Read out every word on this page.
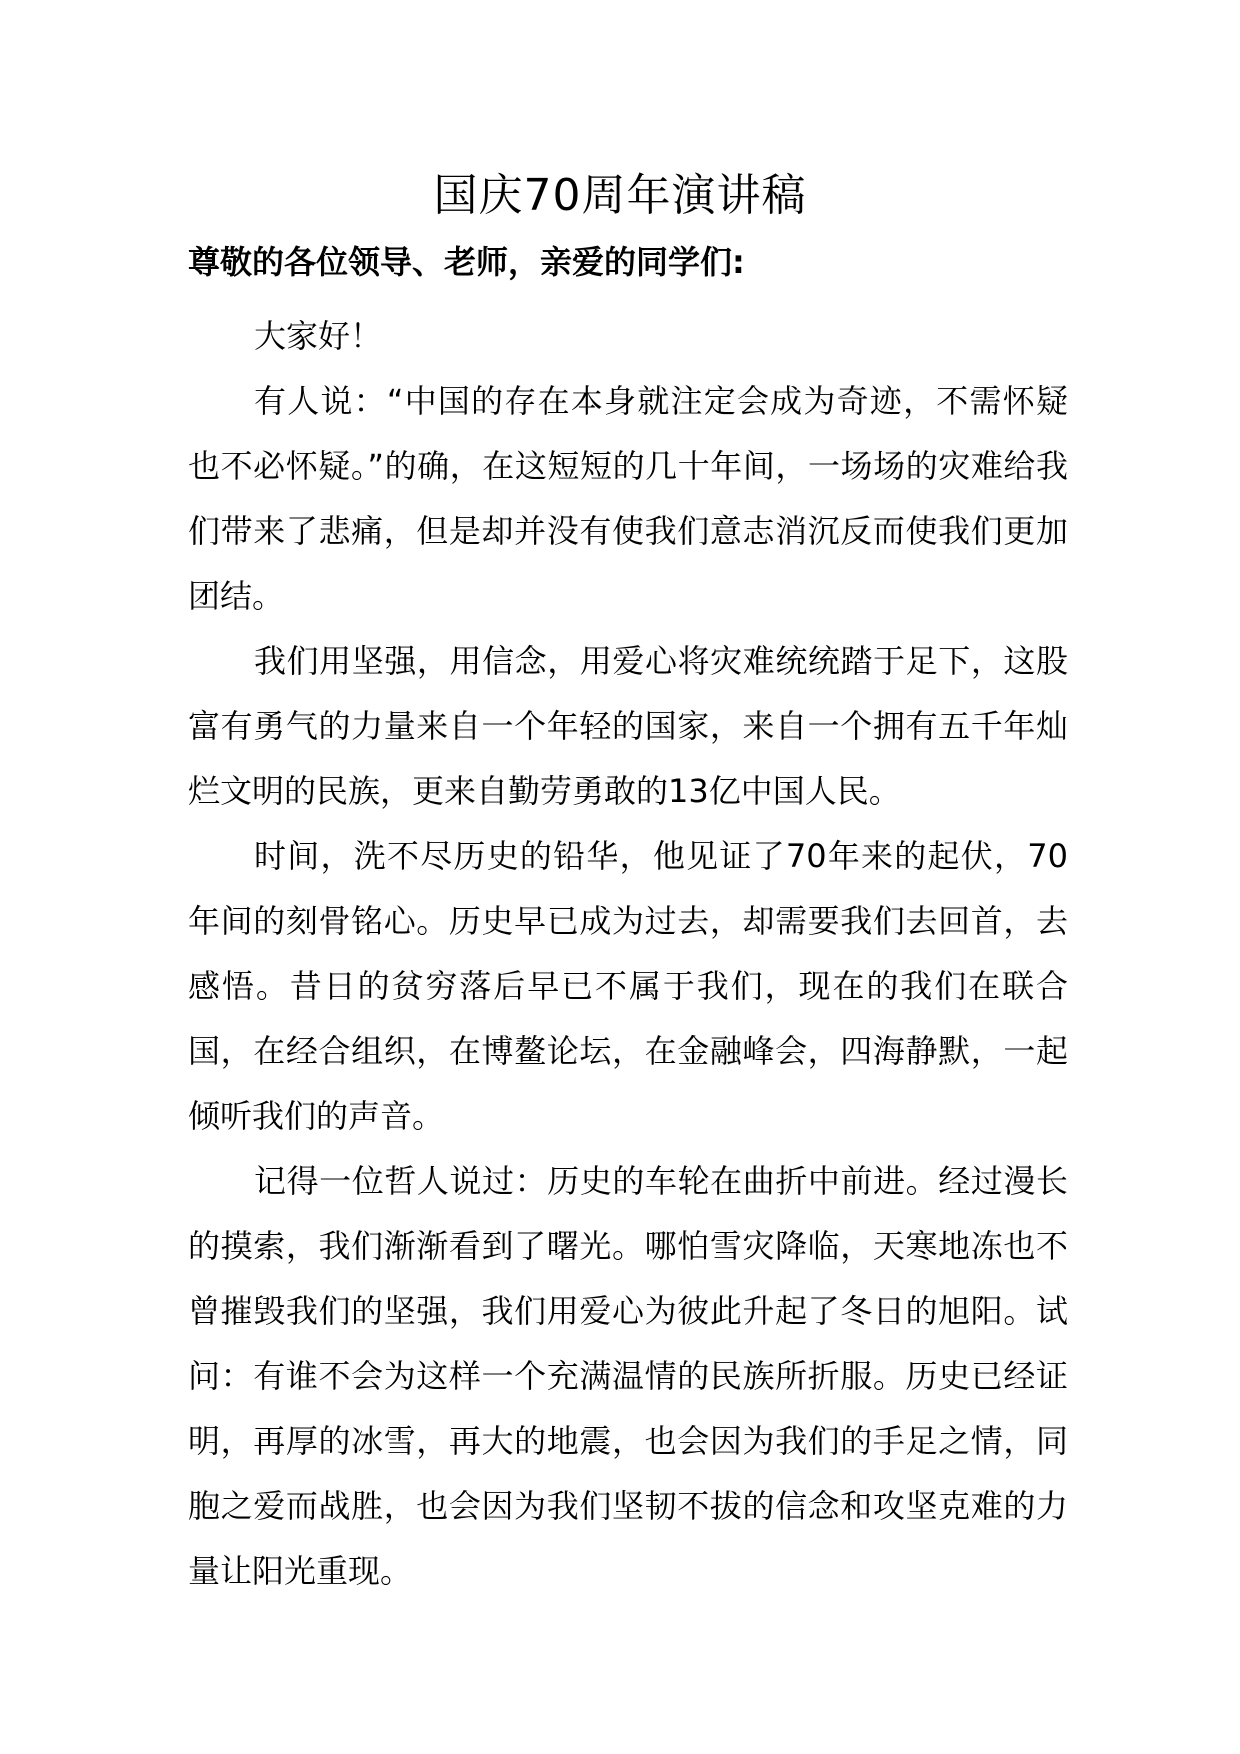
国庆70周年演讲稿

尊敬的各位领导、老师，亲爱的同学们:

大家好！

有人说：“中国的存在本身就注定会成为奇迹，不需怀疑也不必怀疑。”的确，在这短短的几十年间，一场场的灾难给我们带来了悲痛，但是却并没有使我们意志消沉反而使我们更加团结。

我们用坚强，用信念，用爱心将灾难统统踏于足下，这股富有勇气的力量来自一个年轻的国家，来自一个拥有五千年灿烂文明的民族，更来自勤劳勇敢的13亿中国人民。

时间，洗不尽历史的铅华，他见证了70年来的起伏，70年间的刻骨铭心。历史早已成为过去，却需要我们去回首，去感悟。昔日的贫穷落后早已不属于我们，现在的我们在联合国，在经合组织，在博鳌论坛，在金融峰会，四海静默，一起倾听我们的声音。

记得一位哲人说过：历史的车轮在曲折中前进。经过漫长的摸索，我们渐渐看到了曙光。哪怕雪灾降临，天寒地冻也不曾摧毁我们的坚强，我们用爱心为彼此升起了冬日的旭阳。试问：有谁不会为这样一个充满温情的民族所折服。历史已经证明，再厚的冰雪，再大的地震，也会因为我们的手足之情，同胞之爱而战胜，也会因为我们坚韧不拔的信念和攻坚克难的力量让阳光重现。
